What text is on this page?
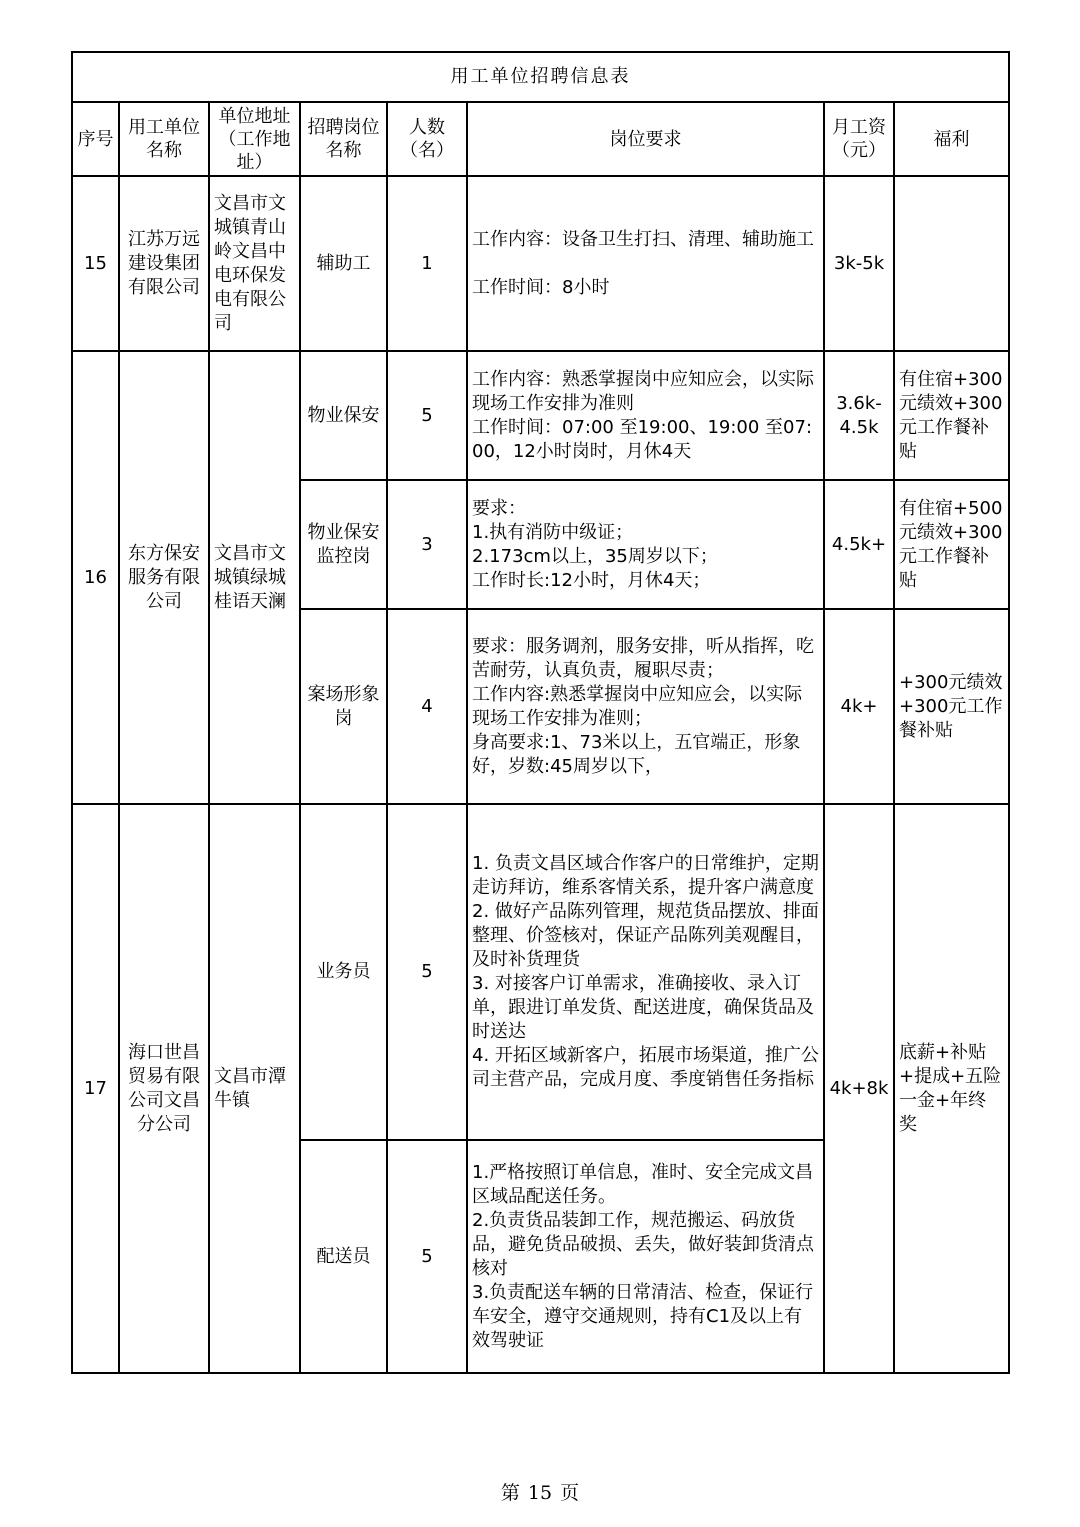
用工单位招聘信息表							
序号	用工单位名称	单位地址（工作地址）	招聘岗位名称	人数（名）	岗位要求	月工资（元）	福利
15	江苏万远建设集团有限公司	文昌市文城镇青山岭文昌中电环保发电有限公司	辅助工	1	工作内容：设备卫生打扫、清理、辅助施工
工作时间：8小时	3k-5k	
16	东方保安服务有限公司	文昌市文城镇绿城桂语天澜	物业保安	5	工作内容：熟悉掌握岗中应知应会，以实际现场工作安排为准则
工作时间：07:00 至19:00、19:00 至07:00，12小时岗时，月休4天	3.6k-4.5k	有住宿+300元绩效+300元工作餐补贴
			物业保安监控岗	3	要求：
1.执有消防中级证；
2.173cm以上，35周岁以下；
工作时长:12小时，月休4天；	4.5k+	有住宿+500元绩效+300元工作餐补贴
			案场形象岗	4	要求：服务调剂，服务安排，听从指挥，吃苦耐劳，认真负责，履职尽责；
工作内容:熟悉掌握岗中应知应会，以实际现场工作安排为准则；
身高要求:1、73米以上，五官端正，形象好，岁数:45周岁以下，	4k+	+300元绩效+300元工作餐补贴
17	海口世昌贸易有限公司文昌分公司	文昌市潭牛镇	业务员	5	1. 负责文昌区域合作客户的日常维护，定期走访拜访，维系客情关系，提升客户满意度
2. 做好产品陈列管理，规范货品摆放、排面整理、价签核对，保证产品陈列美观醒目，及时补货理货
3. 对接客户订单需求，准确接收、录入订单，跟进订单发货、配送进度，确保货品及时送达
4. 开拓区域新客户，拓展市场渠道，推广公司主营产品，完成月度、季度销售任务指标	4k+8k	底薪+补贴+提成+五险一金+年终奖
			配送员	5	1.严格按照订单信息，准时、安全完成文昌区域品配送任务。
2.负责货品装卸工作，规范搬运、码放货品，避免货品破损、丢失，做好装卸货清点核对
3.负责配送车辆的日常清洁、检查，保证行车安全，遵守交通规则，持有C1及以上有效驾驶证		
第 15 页
